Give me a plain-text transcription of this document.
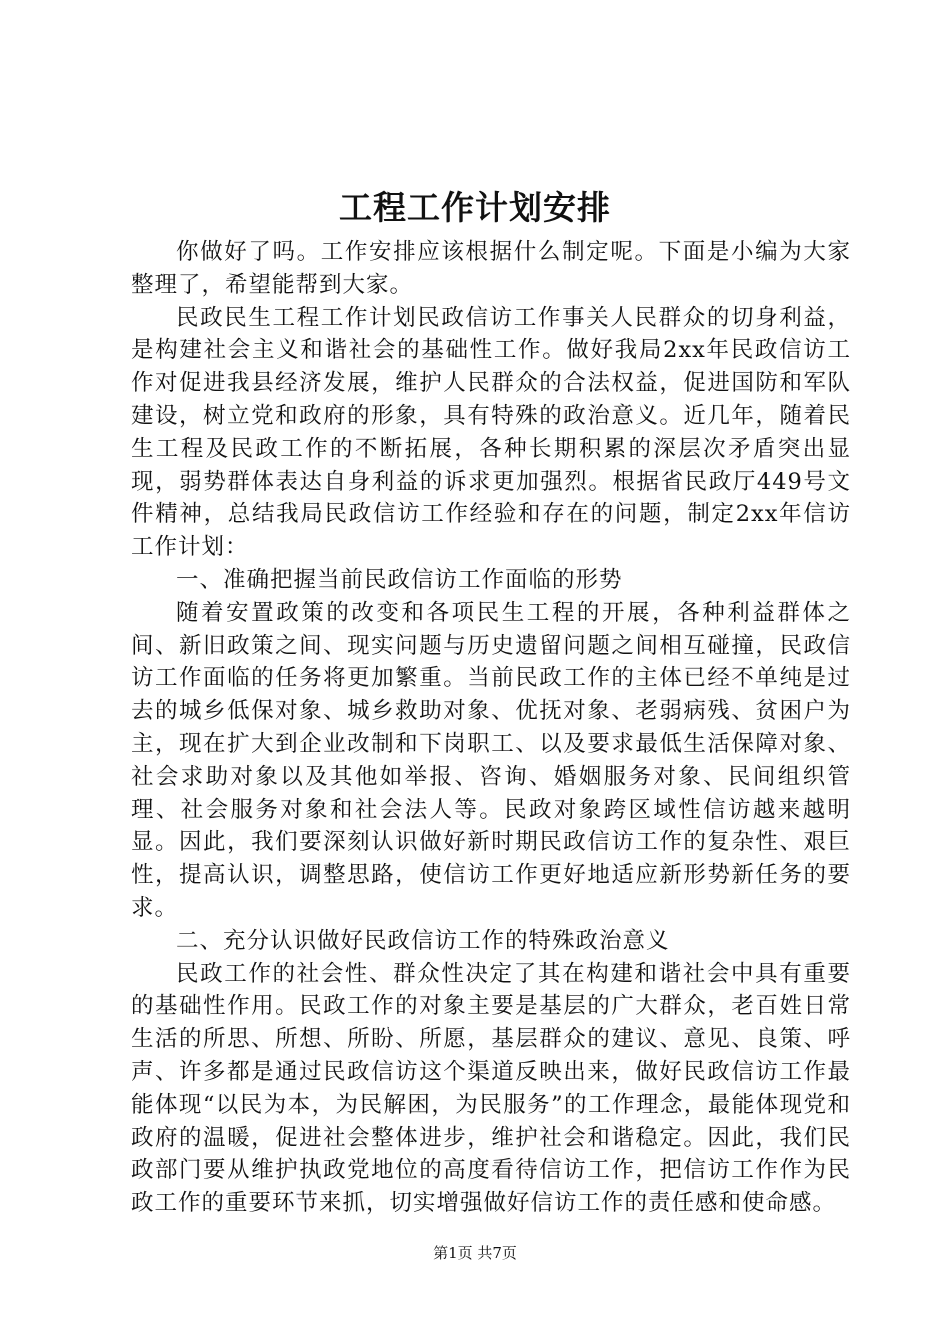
工程工作计划安排

你做好了吗。工作安排应该根据什么制定呢。下面是小编为大家整理了，希望能帮到大家。

民政民生工程工作计划民政信访工作事关人民群众的切身利益，是构建社会主义和谐社会的基础性工作。做好我局2xx年民政信访工作对促进我县经济发展，维护人民群众的合法权益，促进国防和军队建设，树立党和政府的形象，具有特殊的政治意义。近几年，随着民生工程及民政工作的不断拓展，各种长期积累的深层次矛盾突出显现，弱势群体表达自身利益的诉求更加强烈。根据省民政厅449号文件精神，总结我局民政信访工作经验和存在的问题，制定2xx年信访工作计划：

一、准确把握当前民政信访工作面临的形势

随着安置政策的改变和各项民生工程的开展，各种利益群体之间、新旧政策之间、现实问题与历史遗留问题之间相互碰撞，民政信访工作面临的任务将更加繁重。当前民政工作的主体已经不单纯是过去的城乡低保对象、城乡救助对象、优抚对象、老弱病残、贫困户为主，现在扩大到企业改制和下岗职工、以及要求最低生活保障对象、社会求助对象以及其他如举报、咨询、婚姻服务对象、民间组织管理、社会服务对象和社会法人等。民政对象跨区域性信访越来越明显。因此，我们要深刻认识做好新时期民政信访工作的复杂性、艰巨性，提高认识，调整思路，使信访工作更好地适应新形势新任务的要求。

二、充分认识做好民政信访工作的特殊政治意义

民政工作的社会性、群众性决定了其在构建和谐社会中具有重要的基础性作用。民政工作的对象主要是基层的广大群众，老百姓日常生活的所思、所想、所盼、所愿，基层群众的建议、意见、良策、呼声、许多都是通过民政信访这个渠道反映出来，做好民政信访工作最能体现“以民为本，为民解困，为民服务”的工作理念，最能体现党和政府的温暖，促进社会整体进步，维护社会和谐稳定。因此，我们民政部门要从维护执政党地位的高度看待信访工作，把信访工作作为民政工作的重要环节来抓，切实增强做好信访工作的责任感和使命感。

第1页 共7页
